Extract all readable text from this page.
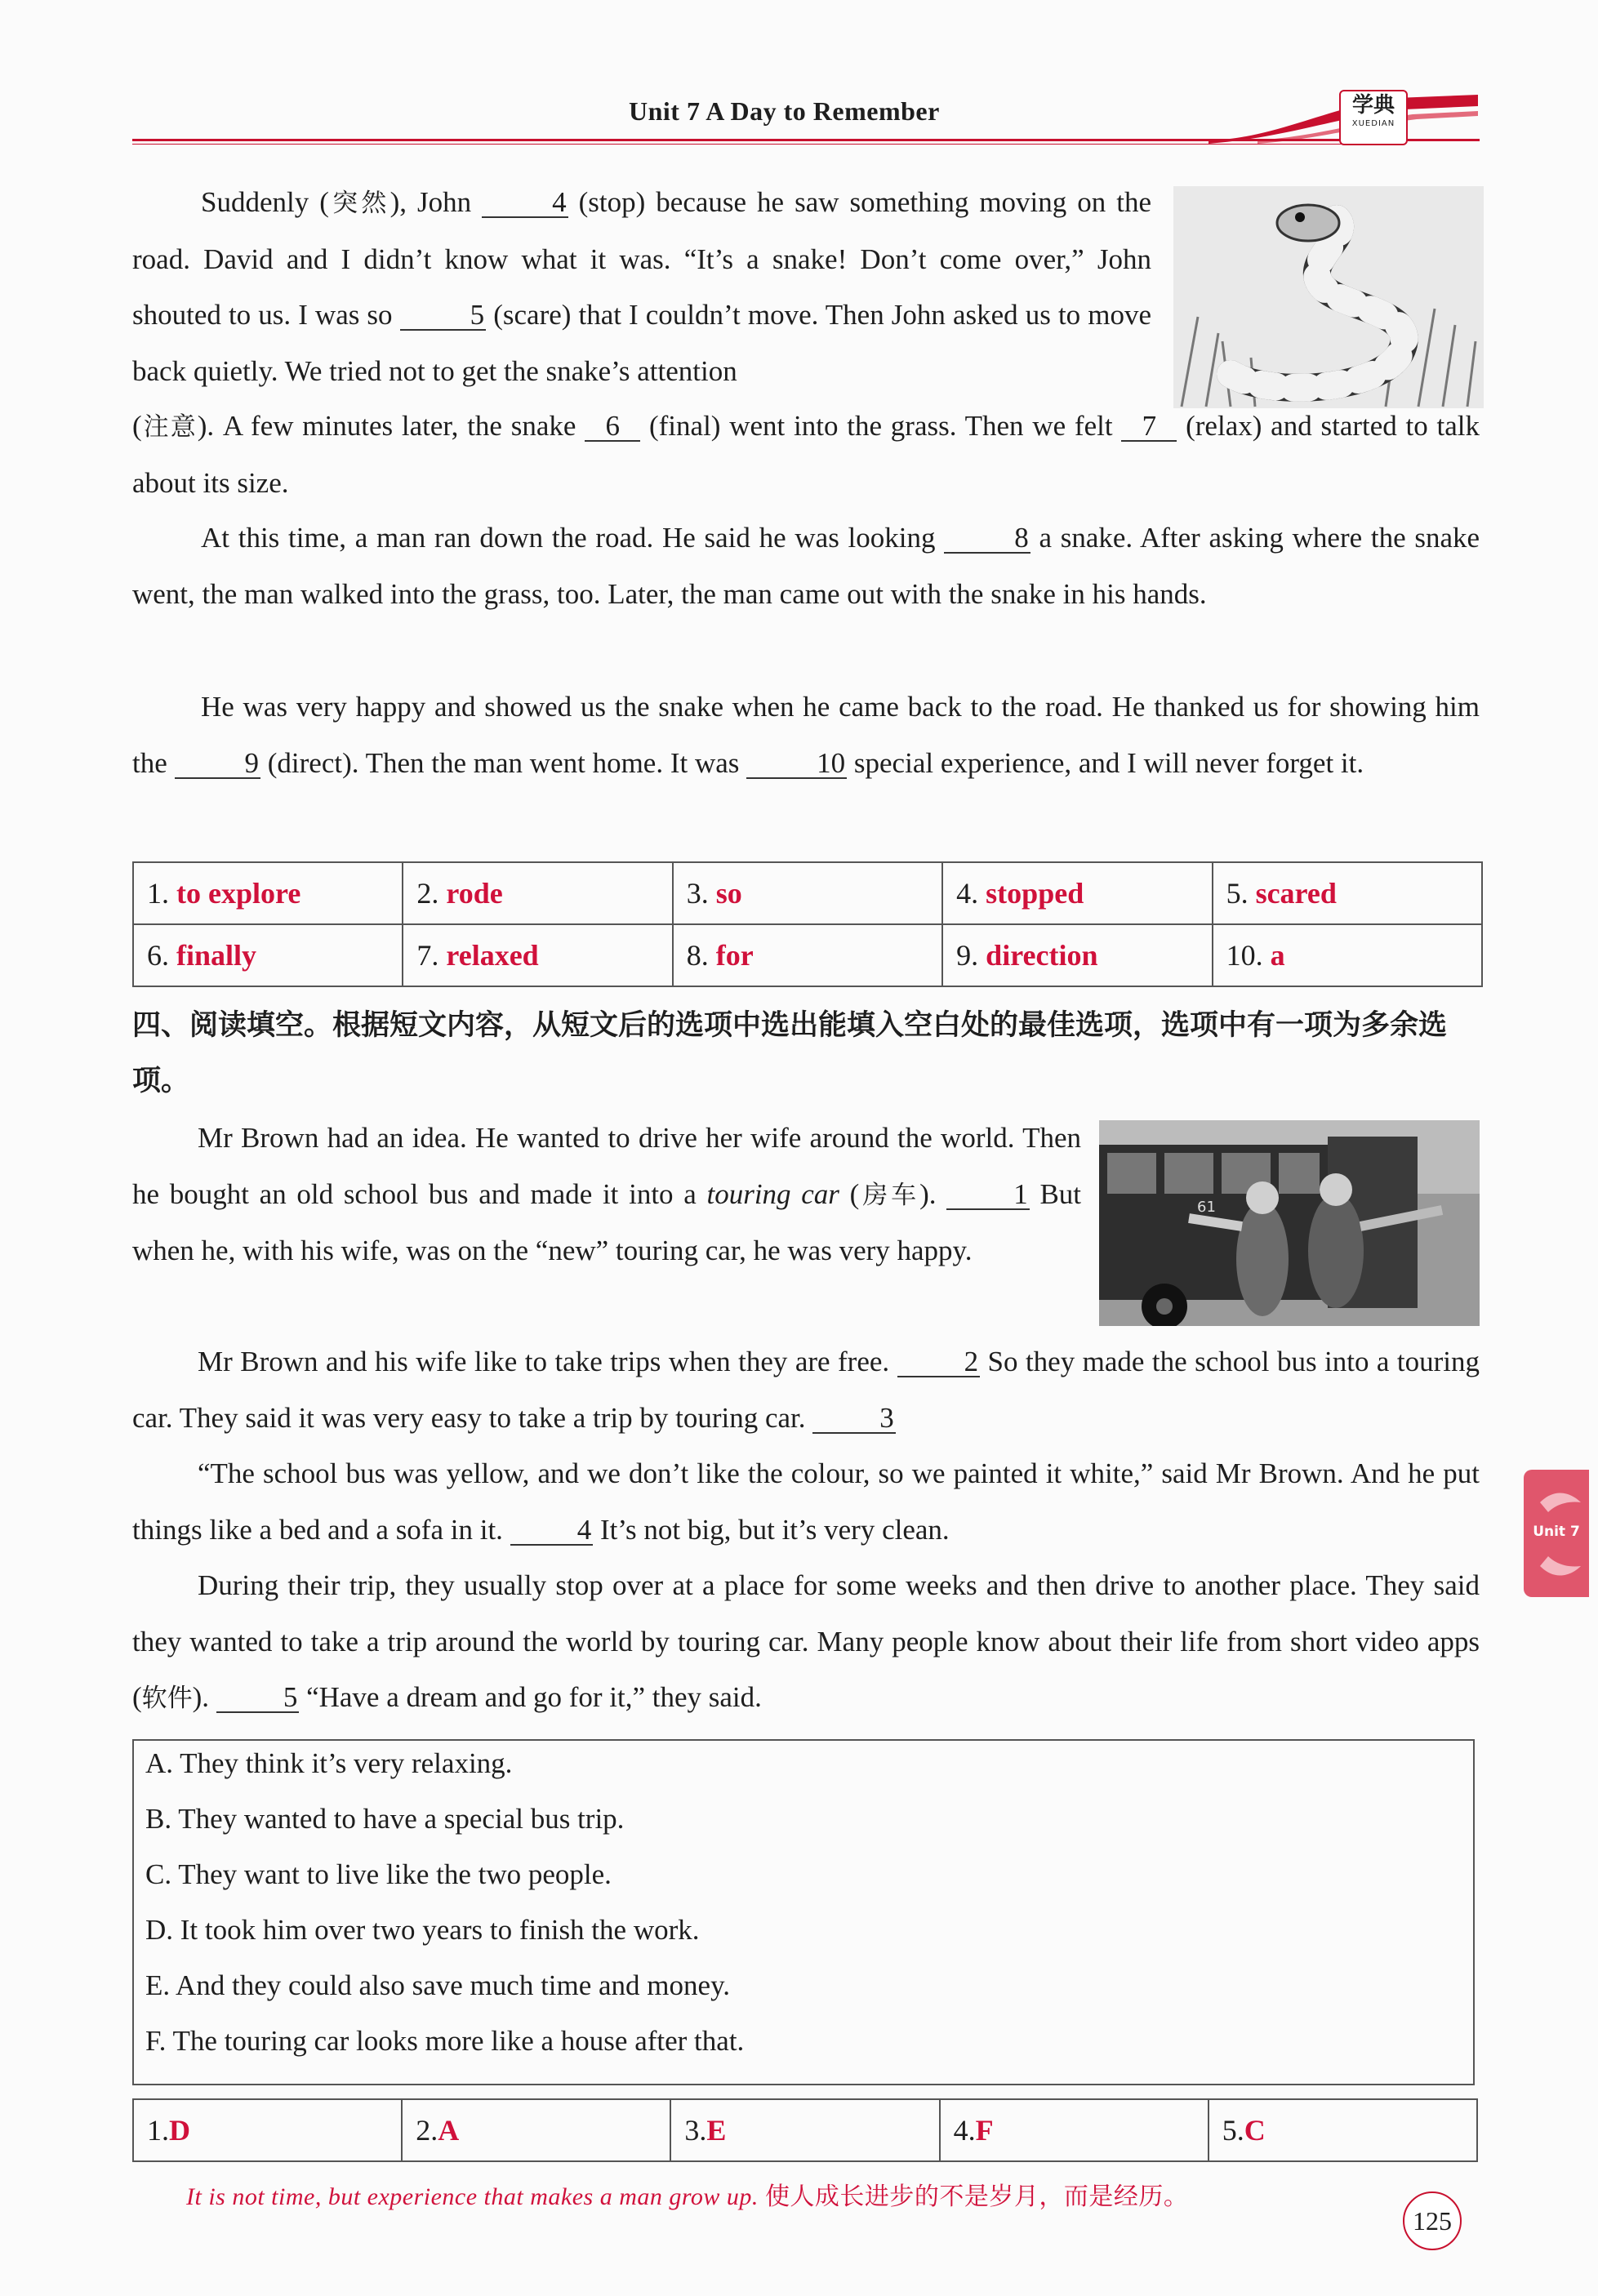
Unit 7 A Day to Remember	学典
XUEDIAN
Suddenly (突然), John	4 (stop) because he saw something moving on the road. David and I didn’t know what it was. “It’s a snake! Don’t come over,” John shouted to us. I was so	5 (scare) that I couldn’t move. Then John asked us to move back quietly. We tried not to get the snake’s attention
(注意). A few minutes later, the snake 6 (final) went into the grass. Then we felt 7 (relax) and started to talk about its size.
At this time, a man ran down the road. He said he was looking	8 a snake. After asking where the snake went, the man walked into the grass, too. Later, the man came out with the snake in his hands.
He was very happy and showed us the snake when he came back to the road. He thanked us for showing him the	9 (direct). Then the man went home. It was	10 special experience, and I will never forget it.
1. to explore	2. rode	3. so	4. stopped	5. scared
6. finally	7. relaxed	8. for	9. direction	10. a
四、阅读填空。根据短文内容，从短文后的选项中选出能填入空白处的最佳选项，选项中有一项为多余选项。
61
Mr Brown had an idea. He wanted to drive her wife around the world. Then he bought an old school bus and made it into a touring car (房车).	1 But when he, with his wife, was on the “new” touring car, he was very happy.
Mr Brown and his wife like to take trips when they are free.	2 So they made the school bus into a touring car. They said it was very easy to take a trip by touring car.	3
“The school bus was yellow, and we don’t like the colour, so we painted it white,” said Mr Brown. And he put things like a bed and a sofa in it.	4 It’s not big, but it’s very clean.
During their trip, they usually stop over at a place for some weeks and then drive to another place. They said they wanted to take a trip around the world by touring car. Many people know about their life from short video apps (软件).	5 “Have a dream and go for it,” they said.
A. They think it’s very relaxing.
B. They wanted to have a special bus trip.
C. They want to live like the two people.
D. It took him over two years to finish the work.
E. And they could also save much time and money.
F. The touring car looks more like a house after that.
1.D	2.A	3.E	4.F	5.C
It is not time, but experience that makes a man grow up. 使人成长进步的不是岁月，而是经历。
125
Unit 7
